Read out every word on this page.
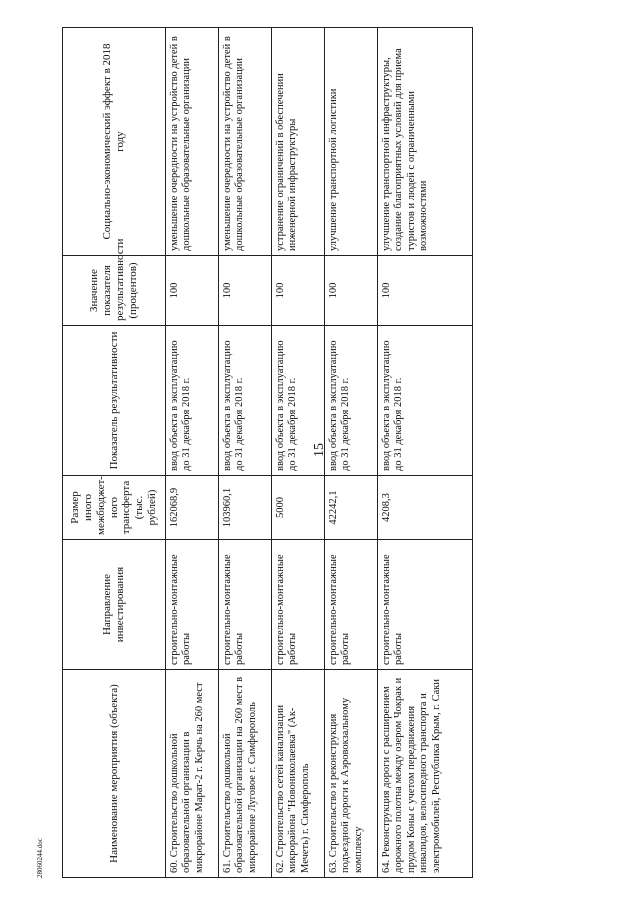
15
28060244.doc	Наименование мероприятия (объекта)	Направление инвестирования	Размер иного межбюджет-ного трансферта (тыс. рублей)	Показатель результативности	Значение показателя результативности (процентов)	Социально-экономический эффект в 2018 году
60. Строительство дошкольной образовательной организации в микрорайоне Марат-2 г. Керчь на 260 мест	строительно-монтажные работы	162068,9	ввод объекта в эксплуатацию до 31 декабря 2018 г.	100	уменьшение очередности на устройство детей в дошкольные образовательные организации
61. Строительство дошкольной образовательной организации на 260 мест в микрорайоне Луговое г. Симферополь	строительно-монтажные работы	103960,1	ввод объекта в эксплуатацию до 31 декабря 2018 г.	100	уменьшение очередности на устройство детей в дошкольные образовательные организации
62. Строительство сетей канализации микрорайона "Новониколаевка" (Ак-Мечеть) г. Симферополь	строительно-монтажные работы	5000	ввод объекта в эксплуатацию до 31 декабря 2018 г.	100	устранение ограничений в обеспечении инженерной инфраструктуры
63. Строительство и реконструкция подъездной дороги к Аэровокзальному комплексу	строительно-монтажные работы	42242,1	ввод объекта в эксплуатацию до 31 декабря 2018 г.	100	улучшение транспортной логистики
64. Реконструкция дороги с расширением дорожного полотна между озером Чокрак и прудом Коны с учетом передвижения инвалидов, велосипедного транспорта и электромобилей, Республика Крым, г. Саки	строительно-монтажные работы	4208,3	ввод объекта в эксплуатацию до 31 декабря 2018 г.	100	улучшение транспортной инфраструктуры, создание благоприятных условий для приема туристов и людей с ограниченными возможностями
